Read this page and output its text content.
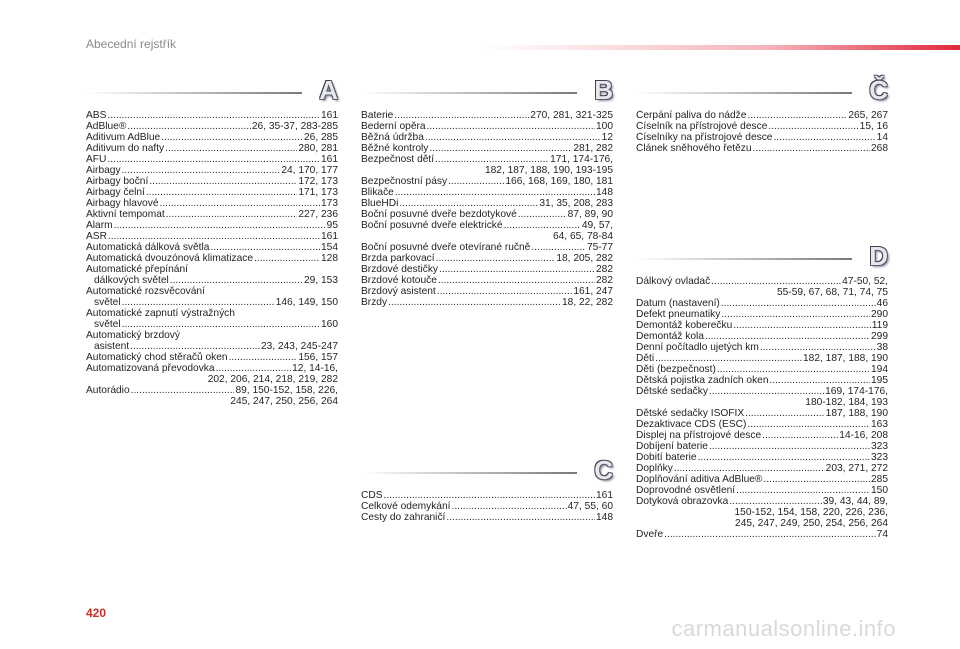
Abecední rejstřík
A
ABS	161
.....
AdBlue®	26, 35-37, 283-285
.....
Aditivum AdBlue	26, 285
.....
Aditivum do nafty	280, 281
.....
AFU	161
.....
Airbagy	24, 170, 177
.....
Airbagy boční	172, 173
.....
Airbagy čelní	171, 173
.....
Airbagy hlavové	173
.....
Aktivní tempomat	227, 236
.....
Alarm	95
.....
ASR	161
.....
Automatická dálková světla	154
.....
Automatická dvouzónová klimatizace	128
.....
Automatické přepínání
dálkových světel	29, 153
.....
Automatické rozsvěcování
světel	146, 149, 150
.....
Automatické zapnutí výstražných
světel	160
.....
Automatický brzdový
asistent	23, 243, 245-247
.....
Automatický chod stěračů oken	156, 157
.....
Automatizovaná převodovka	12, 14-16,
.....
202, 206, 214, 218, 219, 282
Autorádio	89, 150-152, 158, 226,
.....
245, 247, 250, 256, 264
B
Baterie	270, 281, 321-325
.....
Bederní opěra	100
.....
Běžná údržba	12
.....
Běžné kontroly	281, 282
.....
Bezpečnost dětí	171, 174-176,
.....
182, 187, 188, 190, 193-195
Bezpečnostní pásy	166, 168, 169, 180, 181
.....
Blikače	148
.....
BlueHDi	31, 35, 208, 283
.....
Boční posuvné dveře bezdotykové	87, 89, 90
.....
Boční posuvné dveře elektrické	49, 57,
.....
64, 65, 78-84
Boční posuvné dveře otevírané ručně	75-77
.....
Brzda parkovací	18, 205, 282
.....
Brzdové destičky	282
.....
Brzdové kotouče	282
.....
Brzdový asistent	161, 247
.....
Brzdy	18, 22, 282
.....
C
CDS	161
.....
Celkové odemykání	47, 55, 60
.....
Cesty do zahraničí	148
.....
Č
Čerpání paliva do nádže	265, 267
.....
Číselník na přístrojové desce	15, 16
.....
Číselníky na přístrojové desce	14
.....
Článek sněhového řetězu	268
.....
D
Dálkový ovladač	47-50, 52,
.....
55-59, 67, 68, 71, 74, 75
Datum (nastavení)	46
.....
Defekt pneumatiky	290
.....
Demontáž koberečku	119
.....
Demontáž kola	299
.....
Denní počítadlo ujetých km	38
.....
Děti	182, 187, 188, 190
.....
Děti (bezpečnost)	194
.....
Dětská pojistka zadních oken	195
.....
Dětské sedačky	169, 174-176,
.....
180-182, 184, 193
Dětské sedačky ISOFIX	187, 188, 190
.....
Dezaktivace CDS (ESC)	163
.....
Displej na přístrojové desce	14-16, 208
.....
Dobíjení baterie	323
.....
Dobití baterie	323
.....
Doplňky	203, 271, 272
.....
Doplňování aditiva AdBlue®	285
.....
Doprovodné osvětlení	150
.....
Dotyková obrazovka	39, 43, 44, 89,
.....
150-152, 154, 158, 220, 226, 236,
245, 247, 249, 250, 254, 256, 264
Dveře	74
.....
420
carmanualsonline.info
